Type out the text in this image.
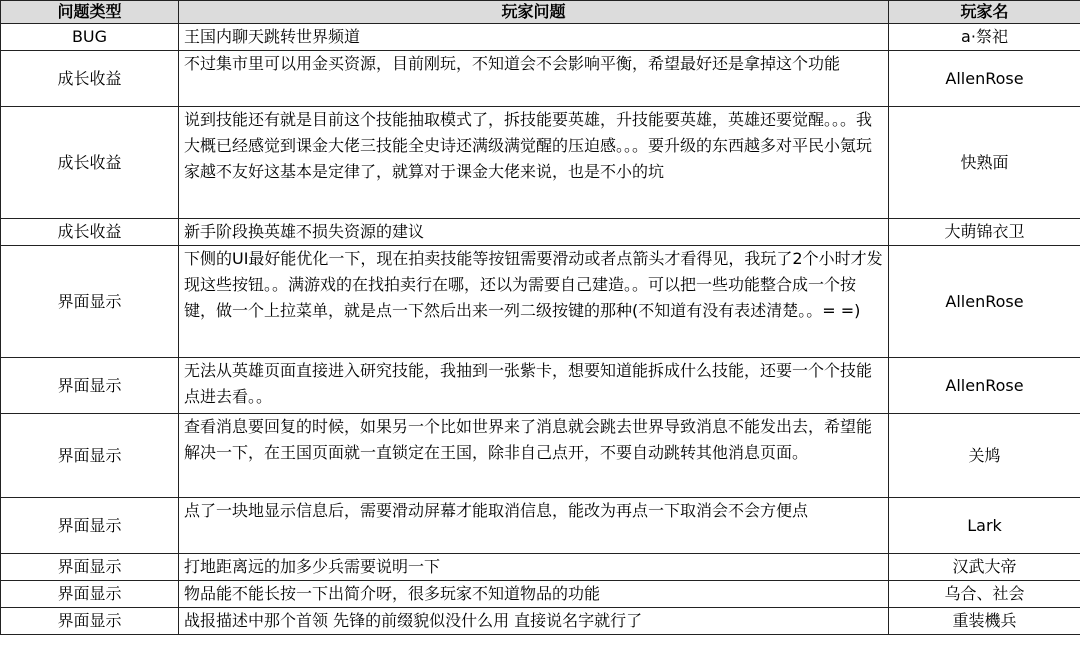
问题类型	玩家问题	玩家名
BUG	王国内聊天跳转世界频道	a·祭祀
成长收益	不过集市里可以用金买资源，目前刚玩，不知道会不会影响平衡，希望最好还是拿掉这个功能	AllenRose
成长收益	说到技能还有就是目前这个技能抽取模式了，拆技能要英雄，升技能要英雄，英雄还要觉醒。。。我大概已经感觉到课金大佬三技能全史诗还满级满觉醒的压迫感。。。要升级的东西越多对平民小氪玩家越不友好这基本是定律了，就算对于课金大佬来说，也是不小的坑	快熟面
成长收益	新手阶段换英雄不损失资源的建议	大萌锦衣卫
界面显示	下侧的UI最好能优化一下，现在拍卖技能等按钮需要滑动或者点箭头才看得见，我玩了2个小时才发现这些按钮。。满游戏的在找拍卖行在哪，还以为需要自己建造。。可以把一些功能整合成一个按键，做一个上拉菜单，就是点一下然后出来一列二级按键的那种(不知道有没有表述清楚。。= =)	AllenRose
界面显示	无法从英雄页面直接进入研究技能，我抽到一张紫卡，想要知道能拆成什么技能，还要一个个技能点进去看。。	AllenRose
界面显示	查看消息要回复的时候，如果另一个比如世界来了消息就会跳去世界导致消息不能发出去，希望能解决一下，在王国页面就一直锁定在王国，除非自己点开，不要自动跳转其他消息页面。	关鸠
界面显示	点了一块地显示信息后，需要滑动屏幕才能取消信息，能改为再点一下取消会不会方便点	Lark
界面显示	打地距离远的加多少兵需要说明一下	汉武大帝
界面显示	物品能不能长按一下出简介呀，很多玩家不知道物品的功能	乌合、社会
界面显示	战报描述中那个首领 先锋的前缀貌似没什么用 直接说名字就行了	重装機兵
